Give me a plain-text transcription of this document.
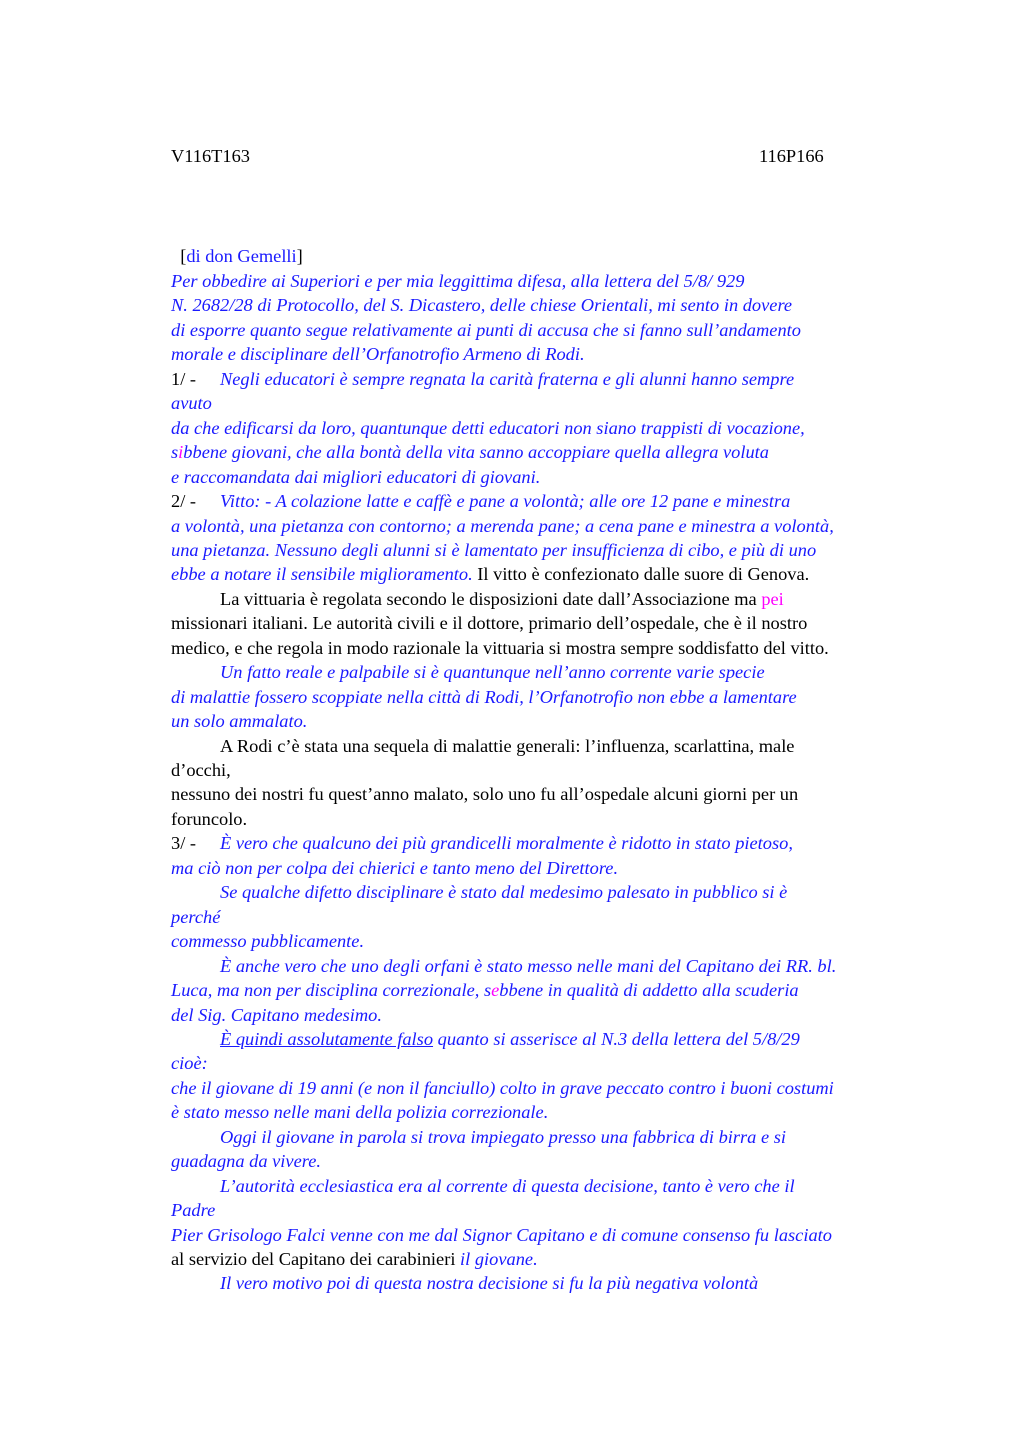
V116T163	116P166

[di don Gemelli]

Per obbedire ai Superiori e per mia leggittima difesa, alla lettera del 5/8/ 929
N. 2682/28 di Protocollo, del S. Dicastero, delle chiese Orientali, mi sento in dovere
di esporre quanto segue relativamente ai punti di accusa che si fanno sull’andamento
morale e disciplinare dell’Orfanotrofio Armeno di Rodi.
1/ - Negli educatori è sempre regnata la carità fraterna e gli alunni hanno sempre
avuto
da che edificarsi da loro, quantunque detti educatori non siano trappisti di vocazione,
sibbene giovani, che alla bontà della vita sanno accoppiare quella allegra voluta
e raccomandata dai migliori educatori di giovani.
2/ - Vitto: - A colazione latte e caffè e pane a volontà; alle ore 12 pane e minestra
a volontà, una pietanza con contorno; a merenda pane; a cena pane e minestra a volontà,
una pietanza. Nessuno degli alunni si è lamentato per insufficienza di cibo, e più di uno
ebbe a notare il sensibile miglioramento. Il vitto è confezionato dalle suore di Genova.
La vittuaria è regolata secondo le disposizioni date dall’Associazione ma pei
missionari italiani. Le autorità civili e il dottore, primario dell’ospedale, che è il nostro
medico, e che regola in modo razionale la vittuaria si mostra sempre soddisfatto del vitto.
Un fatto reale e palpabile si è quantunque nell’anno corrente varie specie
di malattie fossero scoppiate nella città di Rodi, l’Orfanotrofio non ebbe a lamentare
un solo ammalato.
A Rodi c’è stata una sequela di malattie generali: l’influenza, scarlattina, male
d’occhi,
nessuno dei nostri fu quest’anno malato, solo uno fu all’ospedale alcuni giorni per un
foruncolo.
3/ - È vero che qualcuno dei più grandicelli moralmente è ridotto in stato pietoso,
ma ciò non per colpa dei chierici e tanto meno del Direttore.
Se qualche difetto disciplinare è stato dal medesimo palesato in pubblico si è
perché
commesso pubblicamente.
È anche vero che uno degli orfani è stato messo nelle mani del Capitano dei RR. bl.
Luca, ma non per disciplina correzionale, sebbene in qualità di addetto alla scuderia
del Sig. Capitano medesimo.
È quindi assolutamente falso quanto si asserisce al N.3 della lettera del 5/8/29
cioè:
che il giovane di 19 anni (e non il fanciullo) colto in grave peccato contro i buoni costumi
è stato messo nelle mani della polizia correzionale.
Oggi il giovane in parola si trova impiegato presso una fabbrica di birra e si
guadagna da vivere.
L’autorità ecclesiastica era al corrente di questa decisione, tanto è vero che il
Padre
Pier Grisologo Falci venne con me dal Signor Capitano e di comune consenso fu lasciato
al servizio del Capitano dei carabinieri il giovane.
Il vero motivo poi di questa nostra decisione si fu la più negativa volontà
